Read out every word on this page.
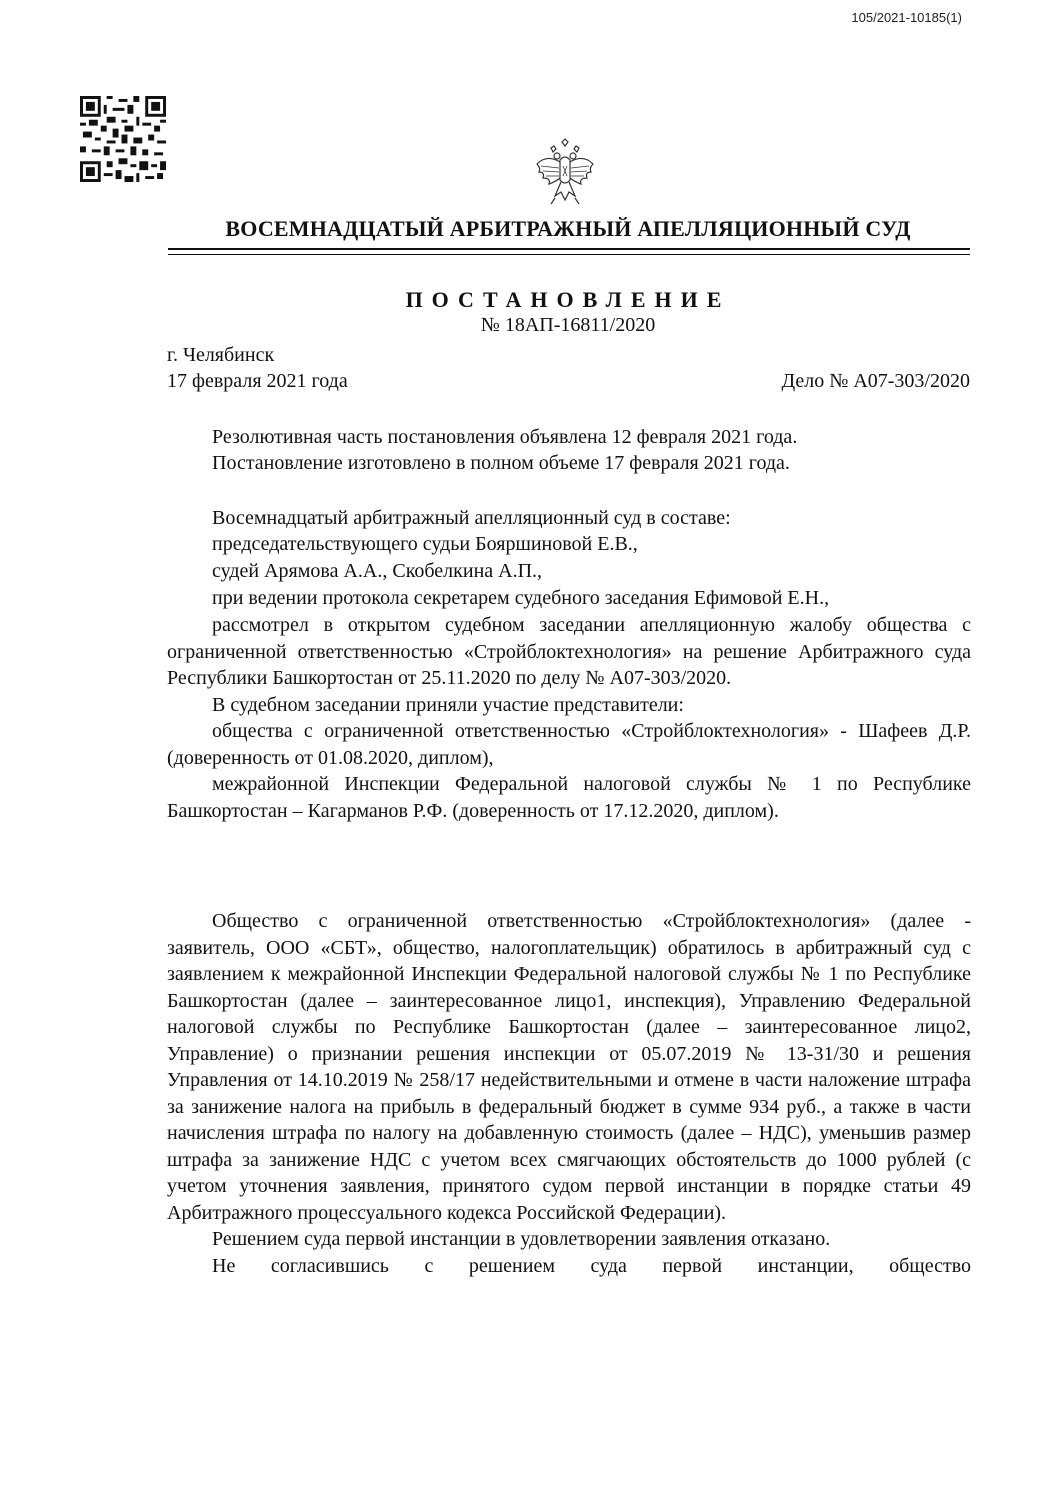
105/2021-10185(1)
ВОСЕМНАДЦАТЫЙ АРБИТРАЖНЫЙ АПЕЛЛЯЦИОННЫЙ СУД
ПОСТАНОВЛЕНИЕ
№ 18АП-16811/2020
г. Челябинск
17 февраля 2021 года	Дело № А07-303/2020
Резолютивная часть постановления объявлена 12 февраля 2021 года.
Постановление изготовлено в полном объеме 17 февраля 2021 года.
Восемнадцатый арбитражный апелляционный суд в составе:
председательствующего судьи Бояршиновой Е.В.,
судей Арямова А.А., Скобелкина А.П.,
при ведении протокола секретарем судебного заседания Ефимовой Е.Н.,

рассмотрел в открытом судебном заседании апелляционную жалобу общества с ограниченной ответственностью «Стройблоктехнология» на решение Арбитражного суда Республики Башкортостан от 25.11.2020 по делу № А07-303/2020.

В судебном заседании приняли участие представители:

общества с ограниченной ответственностью «Стройблоктехнология» - Шафеев Д.Р. (доверенность от 01.08.2020, диплом),

межрайонной Инспекции Федеральной налоговой службы № 1 по Республике Башкортостан – Кагарманов Р.Ф. (доверенность от 17.12.2020, диплом).

Общество с ограниченной ответственностью «Стройблоктехнология» (далее - заявитель, ООО «СБТ», общество, налогоплательщик) обратилось в арбитражный суд с заявлением к межрайонной Инспекции Федеральной налоговой службы № 1 по Республике Башкортостан (далее – заинтересованное лицо1, инспекция), Управлению Федеральной налоговой службы по Республике Башкортостан (далее – заинтересованное лицо2, Управление) о признании решения инспекции от 05.07.2019 № 13-31/30 и решения Управления от 14.10.2019 № 258/17 недействительными и отмене в части наложение штрафа за занижение налога на прибыль в федеральный бюджет в сумме 934 руб., а также в части начисления штрафа по налогу на добавленную стоимость (далее – НДС), уменьшив размер штрафа за занижение НДС с учетом всех смягчающих обстоятельств до 1000 рублей (с учетом уточнения заявления, принятого судом первой инстанции в порядке статьи 49 Арбитражного процессуального кодекса Российской Федерации).

Решением суда первой инстанции в удовлетворении заявления отказано.

Не согласившись с решением суда первой инстанции, общество
